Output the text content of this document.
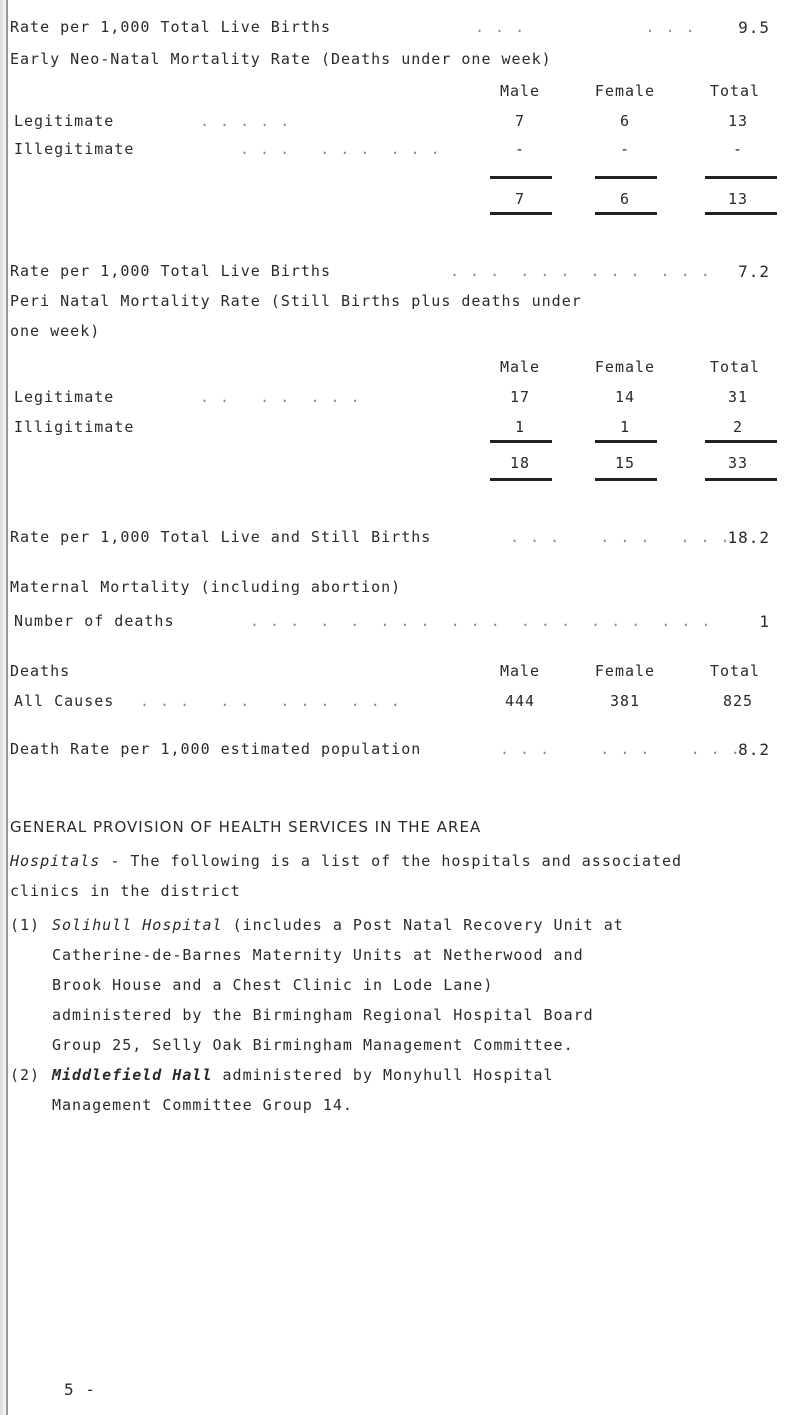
Rate per 1,000 Total Live Births	. . .            . . .	9.5
Early Neo-Natal Mortality Rate (Deaths under one week)
Male	Female	Total
Legitimate	. . . . .	7	6	13
Illegitimate	. . .   . . .  . . .	-	-	-
7	6	13
Rate per 1,000 Total Live Births	. . .  . . .  . . .  . . . 7.2
Peri Natal Mortality Rate (Still Births plus deaths under
one week)
Male	Female	Total
Legitimate	. .   . .  . . .	17	14	31
Illigitimate	1	1	2
18	15	33
Rate per 1,000 Total Live and Still Births	. . .    . . .   . . .
18.2
Maternal Mortality (including abortion)
Number of deaths	. . .  .  .  . . .  . . .  . . .  . . .  . . .	1
Deaths	Male	Female	Total
All Causes . . .   . .   . . .  . . .	444	381	825
Death Rate per 1,000 estimated population	. . .     . . .    . . .
8.2
GENERAL PROVISION OF HEALTH SERVICES IN THE AREA
Hospitals - The following is a list of the hospitals and associated
clinics in the district
(1) Solihull Hospital (includes a Post Natal Recovery Unit at
Catherine-de-Barnes Maternity Units at Netherwood and
Brook House and a Chest Clinic in Lode Lane)
administered by the Birmingham Regional Hospital Board
Group 25, Selly Oak Birmingham Management Committee.
(2) Middlefield Hall administered by Monyhull Hospital
Management Committee Group 14.
5 -
